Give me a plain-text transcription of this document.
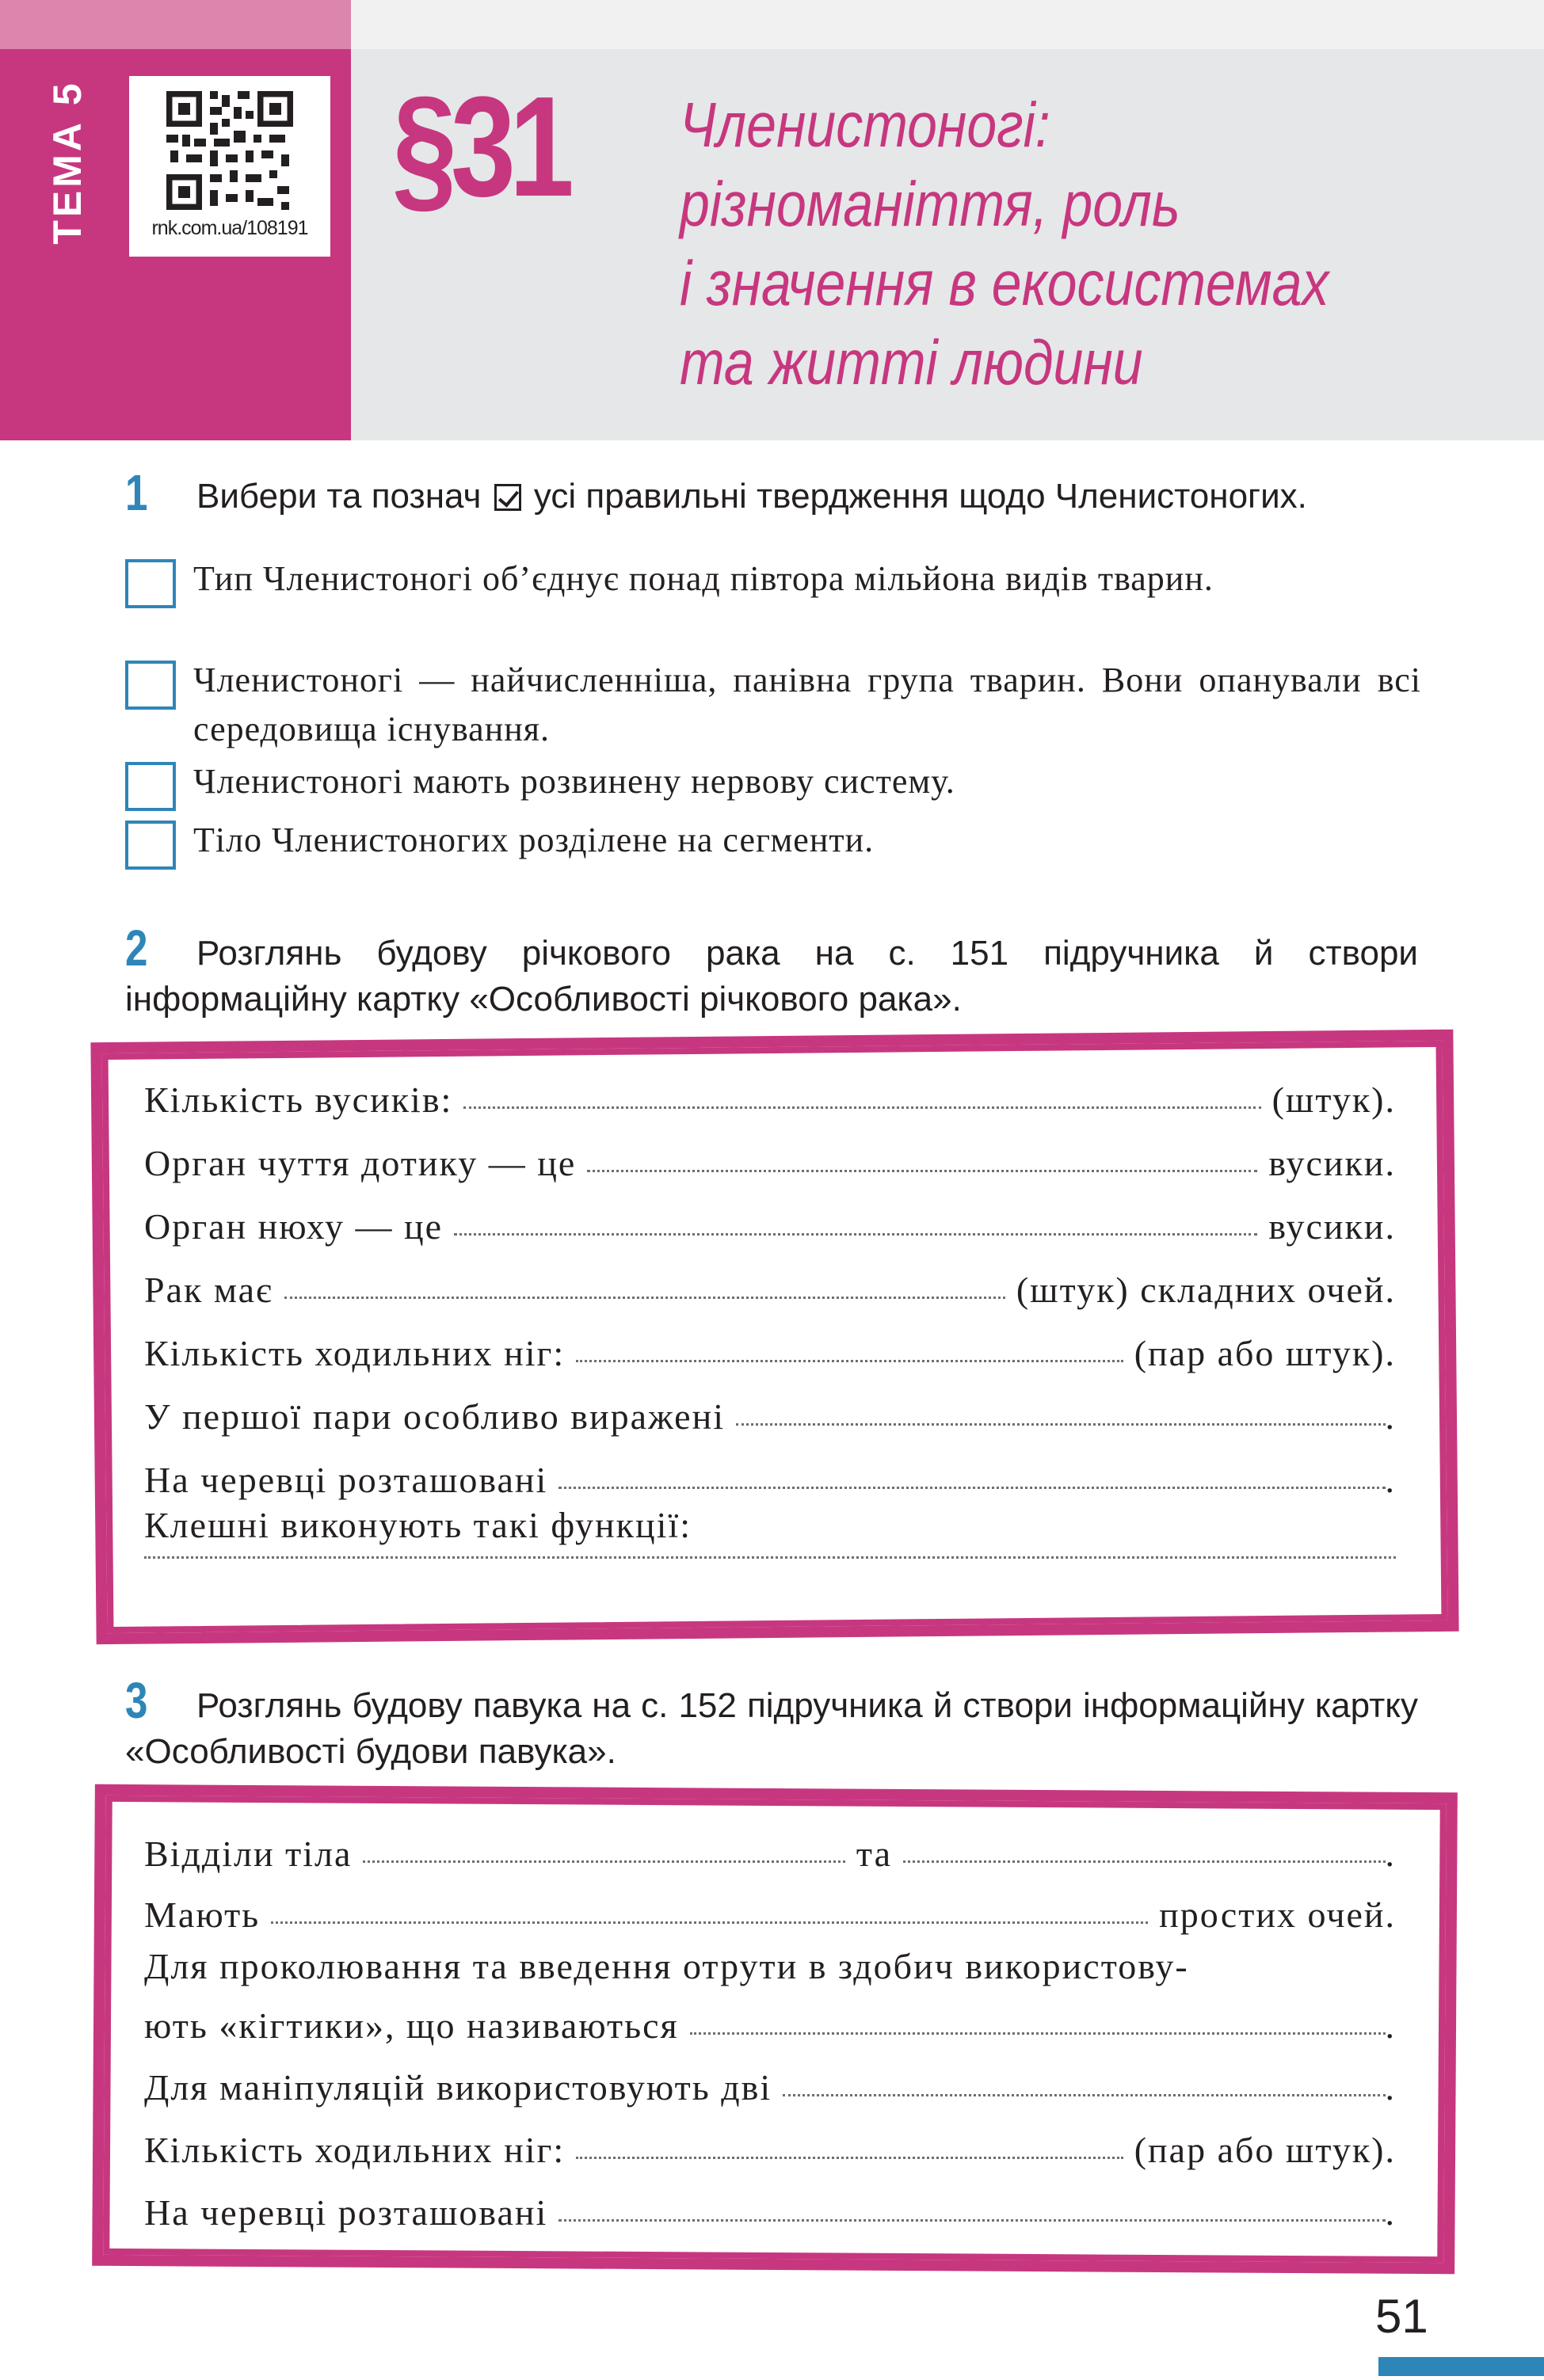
ТЕМА 5	rnk.com.ua/108191
§31 Членистоногі:
різноманіття, роль
і значення в екосистемах
та житті людини
1 Вибери та познач усі правильні твердження щодо Членистоногих.
Тип Членистоногі об’єднує понад півтора мільйона видів тварин.
Членистоногі — найчисленніша, панівна група тварин. Вони опанували всі середовища існування.
Членистоногі мають розвинену нервову систему.
Тіло Членистоногих розділене на сегменти.
2	Розглянь будову річкового рака на с. 151 підручника й створи інформаційну картку «Особливості річкового рака».
Кількість вусиків:	(штук).
Орган чуття дотику — це	вусики.
Орган нюху — це	вусики.
Рак має	(штук) складних очей.
Кількість ходильних ніг:	(пар або штук).
У першої пари особливо виражені	.
На черевці розташовані	.
Клешні виконують такі функції:
3	Розглянь будову павука на с. 152 підручника й створи інформаційну картку «Особливості будови павука».
Відділи тіла	та	.
Мають	простих очей.
Для проколювання та введення отрути в здобич використову-
ють «кігтики», що називаються	.
Для маніпуляцій використовують дві	.
Кількість ходильних ніг:	(пар або штук).
На черевці розташовані	.
51
